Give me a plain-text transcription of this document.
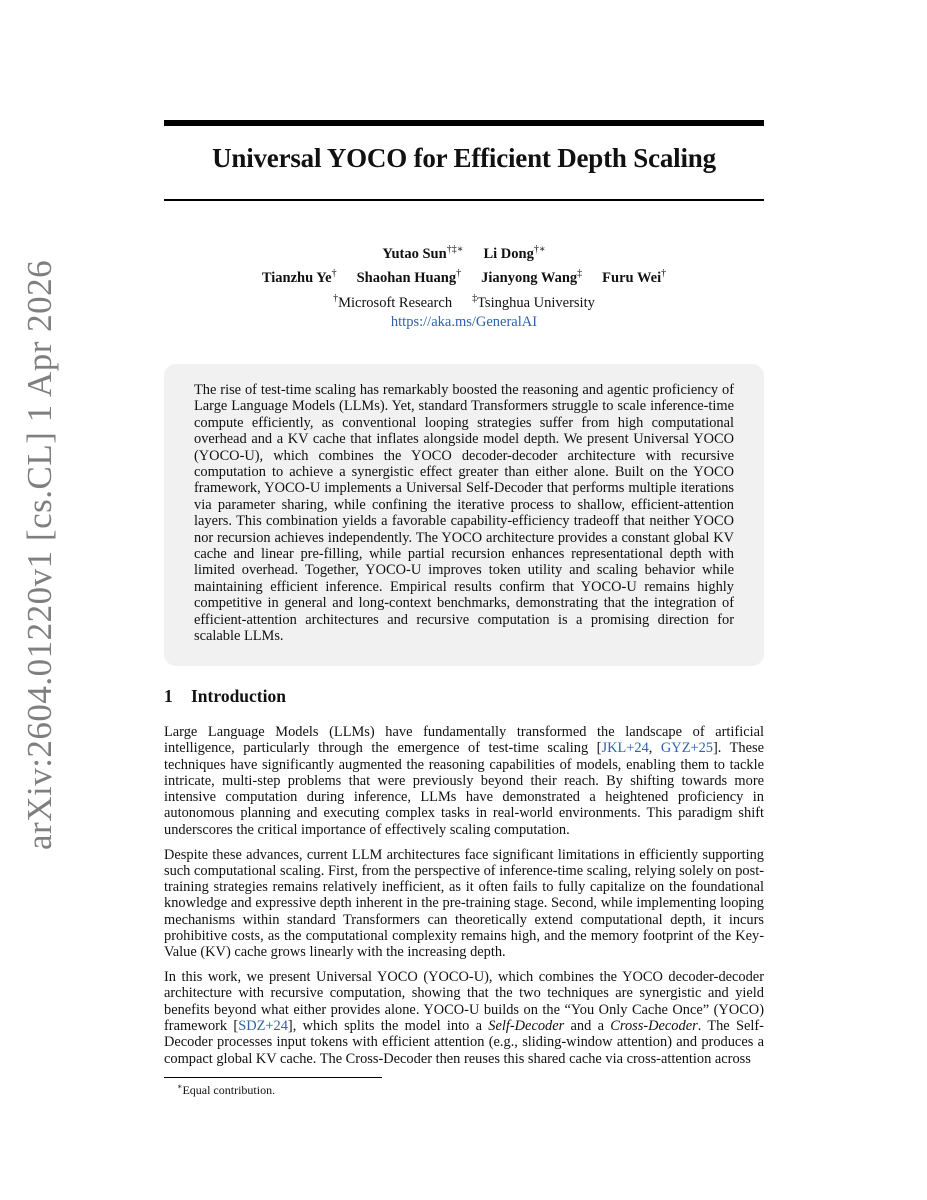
arXiv:2604.01220v1 [cs.CL] 1 Apr 2026
Universal YOCO for Efficient Depth Scaling
Yutao Sun†‡∗ Li Dong†∗
Tianzhu Ye† Shaohan Huang† Jianyong Wang‡ Furu Wei†
†Microsoft Research ‡Tsinghua University
https://aka.ms/GeneralAI

The rise of test-time scaling has remarkably boosted the reasoning and agentic proficiency of Large Language Models (LLMs). Yet, standard Transformers struggle to scale inference-time compute efficiently, as conventional looping strategies suffer from high computational overhead and a KV cache that inflates alongside model depth. We present Universal YOCO (YOCO-U), which combines the YOCO decoder-decoder architecture with recursive computation to achieve a synergistic effect greater than either alone. Built on the YOCO framework, YOCO-U implements a Universal Self-Decoder that performs multiple iterations via parameter sharing, while confining the iterative process to shallow, efficient-attention layers. This combination yields a favorable capability-efficiency tradeoff that neither YOCO nor recursion achieves independently. The YOCO architecture provides a constant global KV cache and linear pre-filling, while partial recursion enhances representational depth with limited overhead. Together, YOCO-U improves token utility and scaling behavior while maintaining efficient inference. Empirical results confirm that YOCO-U remains highly competitive in general and long-context benchmarks, demonstrating that the integration of efficient-attention architectures and recursive computation is a promising direction for scalable LLMs.

1 Introduction

Large Language Models (LLMs) have fundamentally transformed the landscape of artificial intelligence, particularly through the emergence of test-time scaling [JKL+24, GYZ+25]. These techniques have significantly augmented the reasoning capabilities of models, enabling them to tackle intricate, multi-step problems that were previously beyond their reach. By shifting towards more intensive computation during inference, LLMs have demonstrated a heightened proficiency in autonomous planning and executing complex tasks in real-world environments. This paradigm shift underscores the critical importance of effectively scaling computation.

Despite these advances, current LLM architectures face significant limitations in efficiently supporting such computational scaling. First, from the perspective of inference-time scaling, relying solely on post-training strategies remains relatively inefficient, as it often fails to fully capitalize on the foundational knowledge and expressive depth inherent in the pre-training stage. Second, while implementing looping mechanisms within standard Transformers can theoretically extend computational depth, it incurs prohibitive costs, as the computational complexity remains high, and the memory footprint of the Key-Value (KV) cache grows linearly with the increasing depth.

In this work, we present Universal YOCO (YOCO-U), which combines the YOCO decoder-decoder architecture with recursive computation, showing that the two techniques are synergistic and yield benefits beyond what either provides alone. YOCO-U builds on the “You Only Cache Once” (YOCO) framework [SDZ+24], which splits the model into a Self-Decoder and a Cross-Decoder. The Self-Decoder processes input tokens with efficient attention (e.g., sliding-window attention) and produces a compact global KV cache. The Cross-Decoder then reuses this shared cache via cross-attention across

∗Equal contribution.
